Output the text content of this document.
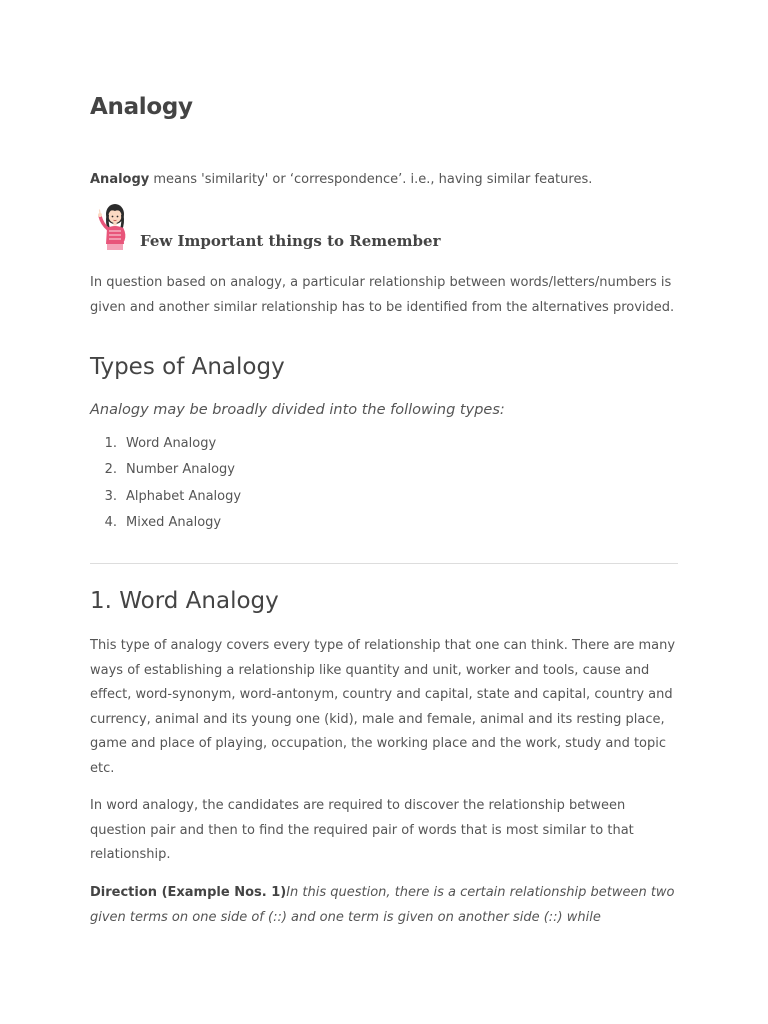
Analogy

Analogy means 'similarity' or ‘correspondence’. i.e., having similar features.

Few Important things to Remember

In question based on analogy, a particular relationship between words/letters/numbers is given and another similar relationship has to be identified from the alternatives provided.

Types of Analogy

Analogy may be broadly divided into the following types:

1. Word Analogy
2. Number Analogy
3. Alphabet Analogy
4. Mixed Analogy
1. Word Analogy

This type of analogy covers every type of relationship that one can think. There are many ways of establishing a relationship like quantity and unit, worker and tools, cause and effect, word-synonym, word-antonym, country and capital, state and capital, country and currency, animal and its young one (kid), male and female, animal and its resting place, game and place of playing, occupation, the working place and the work, study and topic etc.

In word analogy, the candidates are required to discover the relationship between question pair and then to find the required pair of words that is most similar to that relationship.

Direction (Example Nos. 1)In this question, there is a certain relationship between two given terms on one side of (::) and one term is given on another side (::) while
